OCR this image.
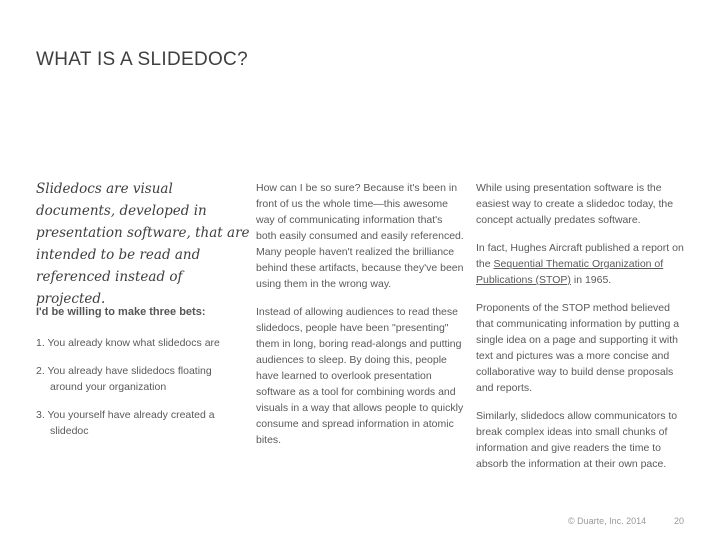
WHAT IS A SLIDEDOC?
Slidedocs are visual documents, developed in presentation software, that are intended to be read and referenced instead of projected.
I'd be willing to make three bets:
1. You already know what slidedocs are
2. You already have slidedocs floating around your organization
3. You yourself have already created a slidedoc

How can I be so sure? Because it's been in front of us the whole time—this awesome way of communicating information that's both easily consumed and easily referenced. Many people haven't realized the brilliance behind these artifacts, because they've been using them in the wrong way.

Instead of allowing audiences to read these slidedocs, people have been "presenting" them in long, boring read-alongs and putting audiences to sleep. By doing this, people have learned to overlook presentation software as a tool for combining words and visuals in a way that allows people to quickly consume and spread information in atomic bites.

While using presentation software is the easiest way to create a slidedoc today, the concept actually predates software.

In fact, Hughes Aircraft published a report on the Sequential Thematic Organization of Publications (STOP) in 1965.

Proponents of the STOP method believed that communicating information by putting a single idea on a page and supporting it with text and pictures was a more concise and collaborative way to build dense proposals and reports.

Similarly, slidedocs allow communicators to break complex ideas into small chunks of information and give readers the time to absorb the information at their own pace.

© Duarte, Inc. 2014	20
